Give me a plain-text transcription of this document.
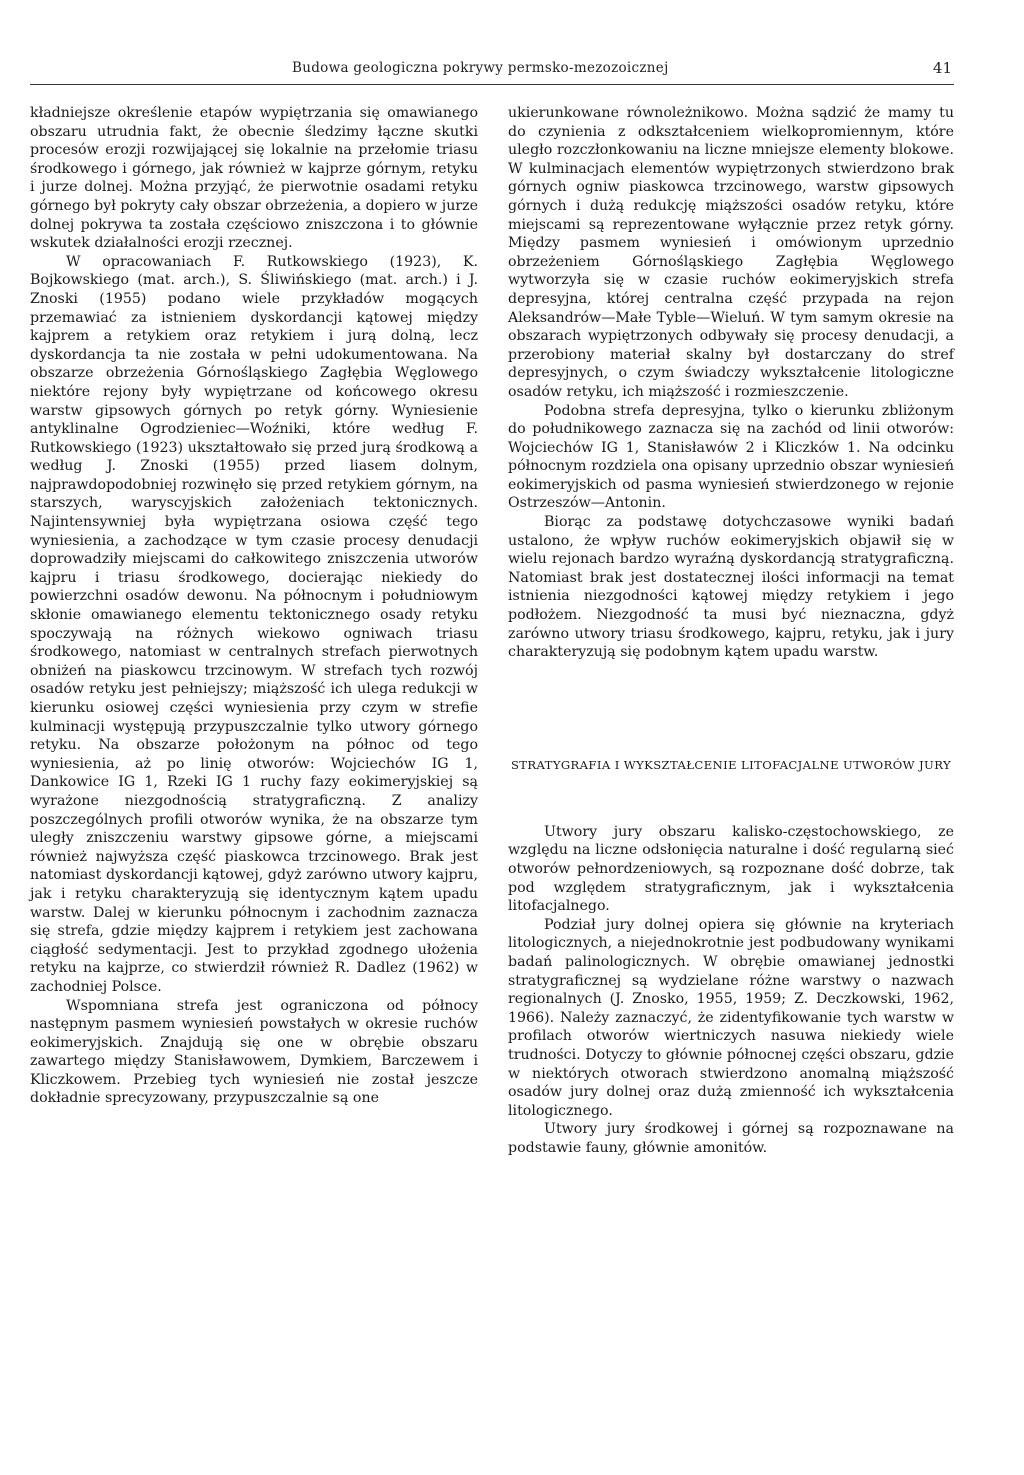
Budowa geologiczna pokrywy permsko-mezozoicznej	41

kładniejsze określenie etapów wypiętrzania się omawianego obszaru utrudnia fakt, że obecnie śledzimy łączne skutki procesów erozji rozwijającej się lokalnie na przełomie triasu środkowego i górnego, jak również w kajprze górnym, retyku i jurze dolnej. Można przyjąć, że pierwotnie osadami retyku górnego był pokryty cały obszar obrzeżenia, a dopiero w jurze dolnej pokrywa ta została częściowo zniszczona i to głównie wskutek działalności erozji rzecznej.

W opracowaniach F. Rutkowskiego (1923), K. Bojkowskiego (mat. arch.), S. Śliwińskiego (mat. arch.) i J. Znoski (1955) podano wiele przykładów mogących przemawiać za istnieniem dyskordancji kątowej między kajprem a retykiem oraz retykiem i jurą dolną, lecz dyskordancja ta nie została w pełni udokumentowana. Na obszarze obrzeżenia Górnośląskiego Zagłębia Węglowego niektóre rejony były wypiętrzane od końcowego okresu warstw gipsowych górnych po retyk górny. Wyniesienie antyklinalne Ogrodzieniec—Woźniki, które według F. Rutkowskiego (1923) ukształtowało się przed jurą środkową a według J. Znoski (1955) przed liasem dolnym, najprawdopodobniej rozwinęło się przed retykiem górnym, na starszych, waryscyjskich założeniach tektonicznych. Najintensywniej była wypiętrzana osiowa część tego wyniesienia, a zachodzące w tym czasie procesy denudacji doprowadziły miejscami do całkowitego zniszczenia utworów kajpru i triasu środkowego, docierając niekiedy do powierzchni osadów dewonu. Na północnym i południowym skłonie omawianego elementu tektonicznego osady retyku spoczywają na różnych wiekowo ogniwach triasu środkowego, natomiast w centralnych strefach pierwotnych obniżeń na piaskowcu trzcinowym. W strefach tych rozwój osadów retyku jest pełniejszy; miąższość ich ulega redukcji w kierunku osiowej części wyniesienia przy czym w strefie kulminacji występują przypuszczalnie tylko utwory górnego retyku. Na obszarze położonym na północ od tego wyniesienia, aż po linię otworów: Wojciechów IG 1, Dankowice IG 1, Rzeki IG 1 ruchy fazy eokimeryjskiej są wyrażone niezgodnością stratygraficzną. Z analizy poszczególnych profili otworów wynika, że na obszarze tym uległy zniszczeniu warstwy gipsowe górne, a miejscami również najwyższa część piaskowca trzcinowego. Brak jest natomiast dyskordancji kątowej, gdyż zarówno utwory kajpru, jak i retyku charakteryzują się identycznym kątem upadu warstw. Dalej w kierunku północnym i zachodnim zaznacza się strefa, gdzie między kajprem i retykiem jest zachowana ciągłość sedymentacji. Jest to przykład zgodnego ułożenia retyku na kajprze, co stwierdził również R. Dadlez (1962) w zachodniej Polsce.

Wspomniana strefa jest ograniczona od północy następnym pasmem wyniesień powstałych w okresie ruchów eokimeryjskich. Znajdują się one w obrębie obszaru zawartego między Stanisławowem, Dymkiem, Barczewem i Kliczkowem. Przebieg tych wyniesień nie został jeszcze dokładnie sprecyzowany, przypuszczalnie są one

ukierunkowane równoleżnikowo. Można sądzić że mamy tu do czynienia z odkształceniem wielkopromiennym, które uległo rozczłonkowaniu na liczne mniejsze elementy blokowe. W kulminacjach elementów wypiętrzonych stwierdzono brak górnych ogniw piaskowca trzcinowego, warstw gipsowych górnych i dużą redukcję miąższości osadów retyku, które miejscami są reprezentowane wyłącznie przez retyk górny. Między pasmem wyniesień i omówionym uprzednio obrzeżeniem Górnośląskiego Zagłębia Węglowego wytworzyła się w czasie ruchów eokimeryjskich strefa depresyjna, której centralna część przypada na rejon Aleksandrów—Małe Tyble—Wieluń. W tym samym okresie na obszarach wypiętrzonych odbywały się procesy denudacji, a przerobiony materiał skalny był dostarczany do stref depresyjnych, o czym świadczy wykształcenie litologiczne osadów retyku, ich miąższość i rozmieszczenie.

Podobna strefa depresyjna, tylko o kierunku zbliżonym do południkowego zaznacza się na zachód od linii otworów: Wojciechów IG 1, Stanisławów 2 i Kliczków 1. Na odcinku północnym rozdziela ona opisany uprzednio obszar wyniesień eokimeryjskich od pasma wyniesień stwierdzonego w rejonie Ostrzeszów—Antonin.

Biorąc za podstawę dotychczasowe wyniki badań ustalono, że wpływ ruchów eokimeryjskich objawił się w wielu rejonach bardzo wyraźną dyskordancją stratygraficzną. Natomiast brak jest dostatecznej ilości informacji na temat istnienia niezgodności kątowej między retykiem i jego podłożem. Niezgodność ta musi być nieznaczna, gdyż zarówno utwory triasu środkowego, kajpru, retyku, jak i jury charakteryzują się podobnym kątem upadu warstw.

STRATYGRAFIA I WYKSZTAŁCENIE LITOFACJALNE UTWORÓW JURY

Utwory jury obszaru kalisko-częstochowskiego, ze względu na liczne odsłonięcia naturalne i dość regularną sieć otworów pełnordzeniowych, są rozpoznane dość dobrze, tak pod względem stratygraficznym, jak i wykształcenia litofacjalnego.

Podział jury dolnej opiera się głównie na kryteriach litologicznych, a niejednokrotnie jest podbudowany wynikami badań palinologicznych. W obrębie omawianej jednostki stratygraficznej są wydzielane różne warstwy o nazwach regionalnych (J. Znosko, 1955, 1959; Z. Deczkowski, 1962, 1966). Należy zaznaczyć, że zidentyfikowanie tych warstw w profilach otworów wiertniczych nasuwa niekiedy wiele trudności. Dotyczy to głównie północnej części obszaru, gdzie w niektórych otworach stwierdzono anomalną miąższość osadów jury dolnej oraz dużą zmienność ich wykształcenia litologicznego.

Utwory jury środkowej i górnej są rozpoznawane na podstawie fauny, głównie amonitów.
